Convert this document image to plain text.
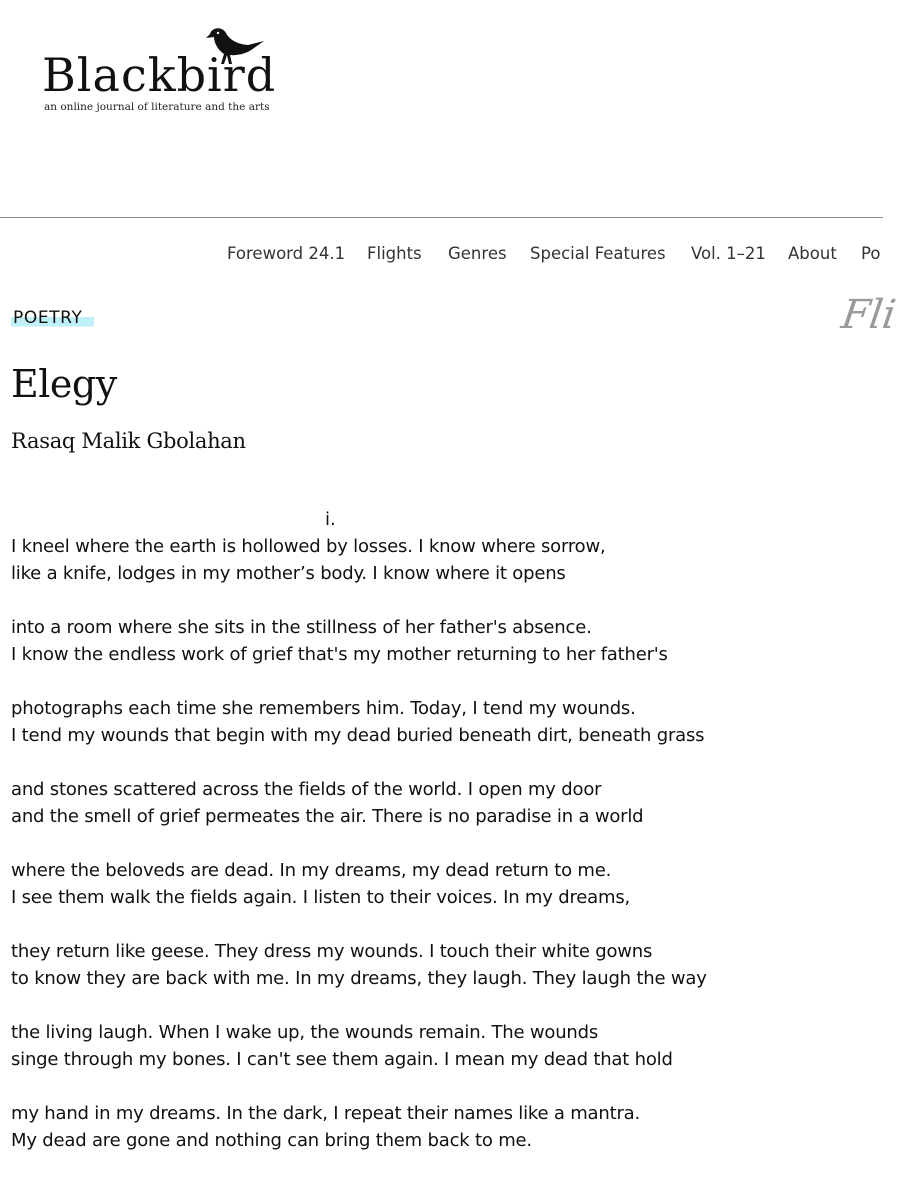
Blackbird
an online journal of literature and the arts
Foreword 24.1 Flights Genres Special Features Vol. 1–21 About Po
POETRY	Fli
Elegy
Rasaq Malik Gbolahan
i.
I kneel where the earth is hollowed by losses. I know where sorrow,
like a knife, lodges in my mother’s body. I know where it opens
into a room where she sits in the stillness of her father's absence.
I know the endless work of grief that's my mother returning to her father's
photographs each time she remembers him. Today, I tend my wounds.
I tend my wounds that begin with my dead buried beneath dirt, beneath grass
and stones scattered across the fields of the world. I open my door
and the smell of grief permeates the air. There is no paradise in a world
where the beloveds are dead. In my dreams, my dead return to me.
I see them walk the fields again. I listen to their voices. In my dreams,
they return like geese. They dress my wounds. I touch their white gowns
to know they are back with me. In my dreams, they laugh. They laugh the way
the living laugh. When I wake up, the wounds remain. The wounds
singe through my bones. I can't see them again. I mean my dead that hold
my hand in my dreams. In the dark, I repeat their names like a mantra.
My dead are gone and nothing can bring them back to me.
